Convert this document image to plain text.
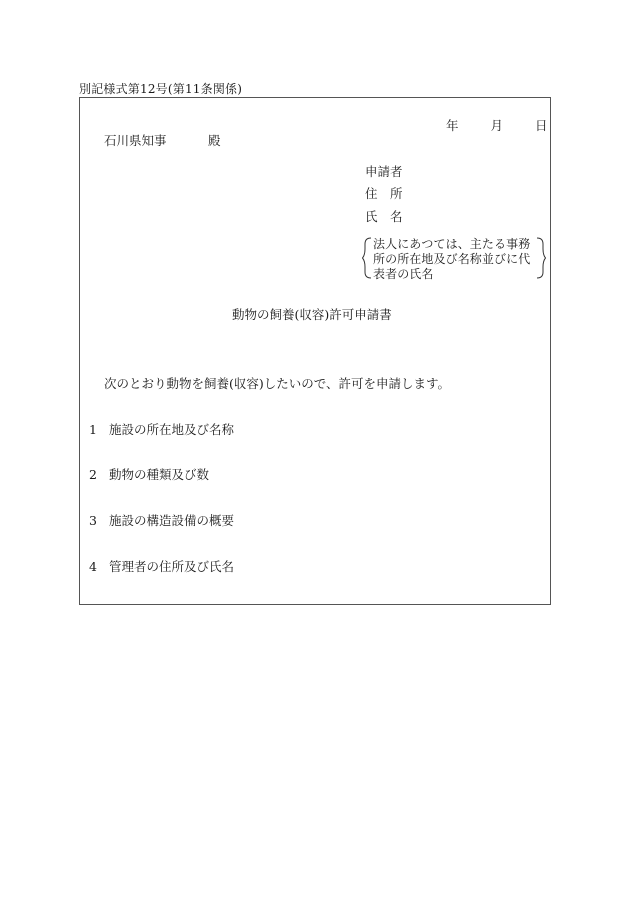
別記様式第12号(第11条関係)
年	月	日
石川県知事	殿
申請者
住　所
氏　名
法人にあつては、主たる事務所の所在地及び名称並びに代表者の氏名
動物の飼養(収容)許可申請書
次のとおり動物を飼養(収容)したいので、許可を申請します。
1 施設の所在地及び名称
2 動物の種類及び数
3 施設の構造設備の概要
4 管理者の住所及び氏名
